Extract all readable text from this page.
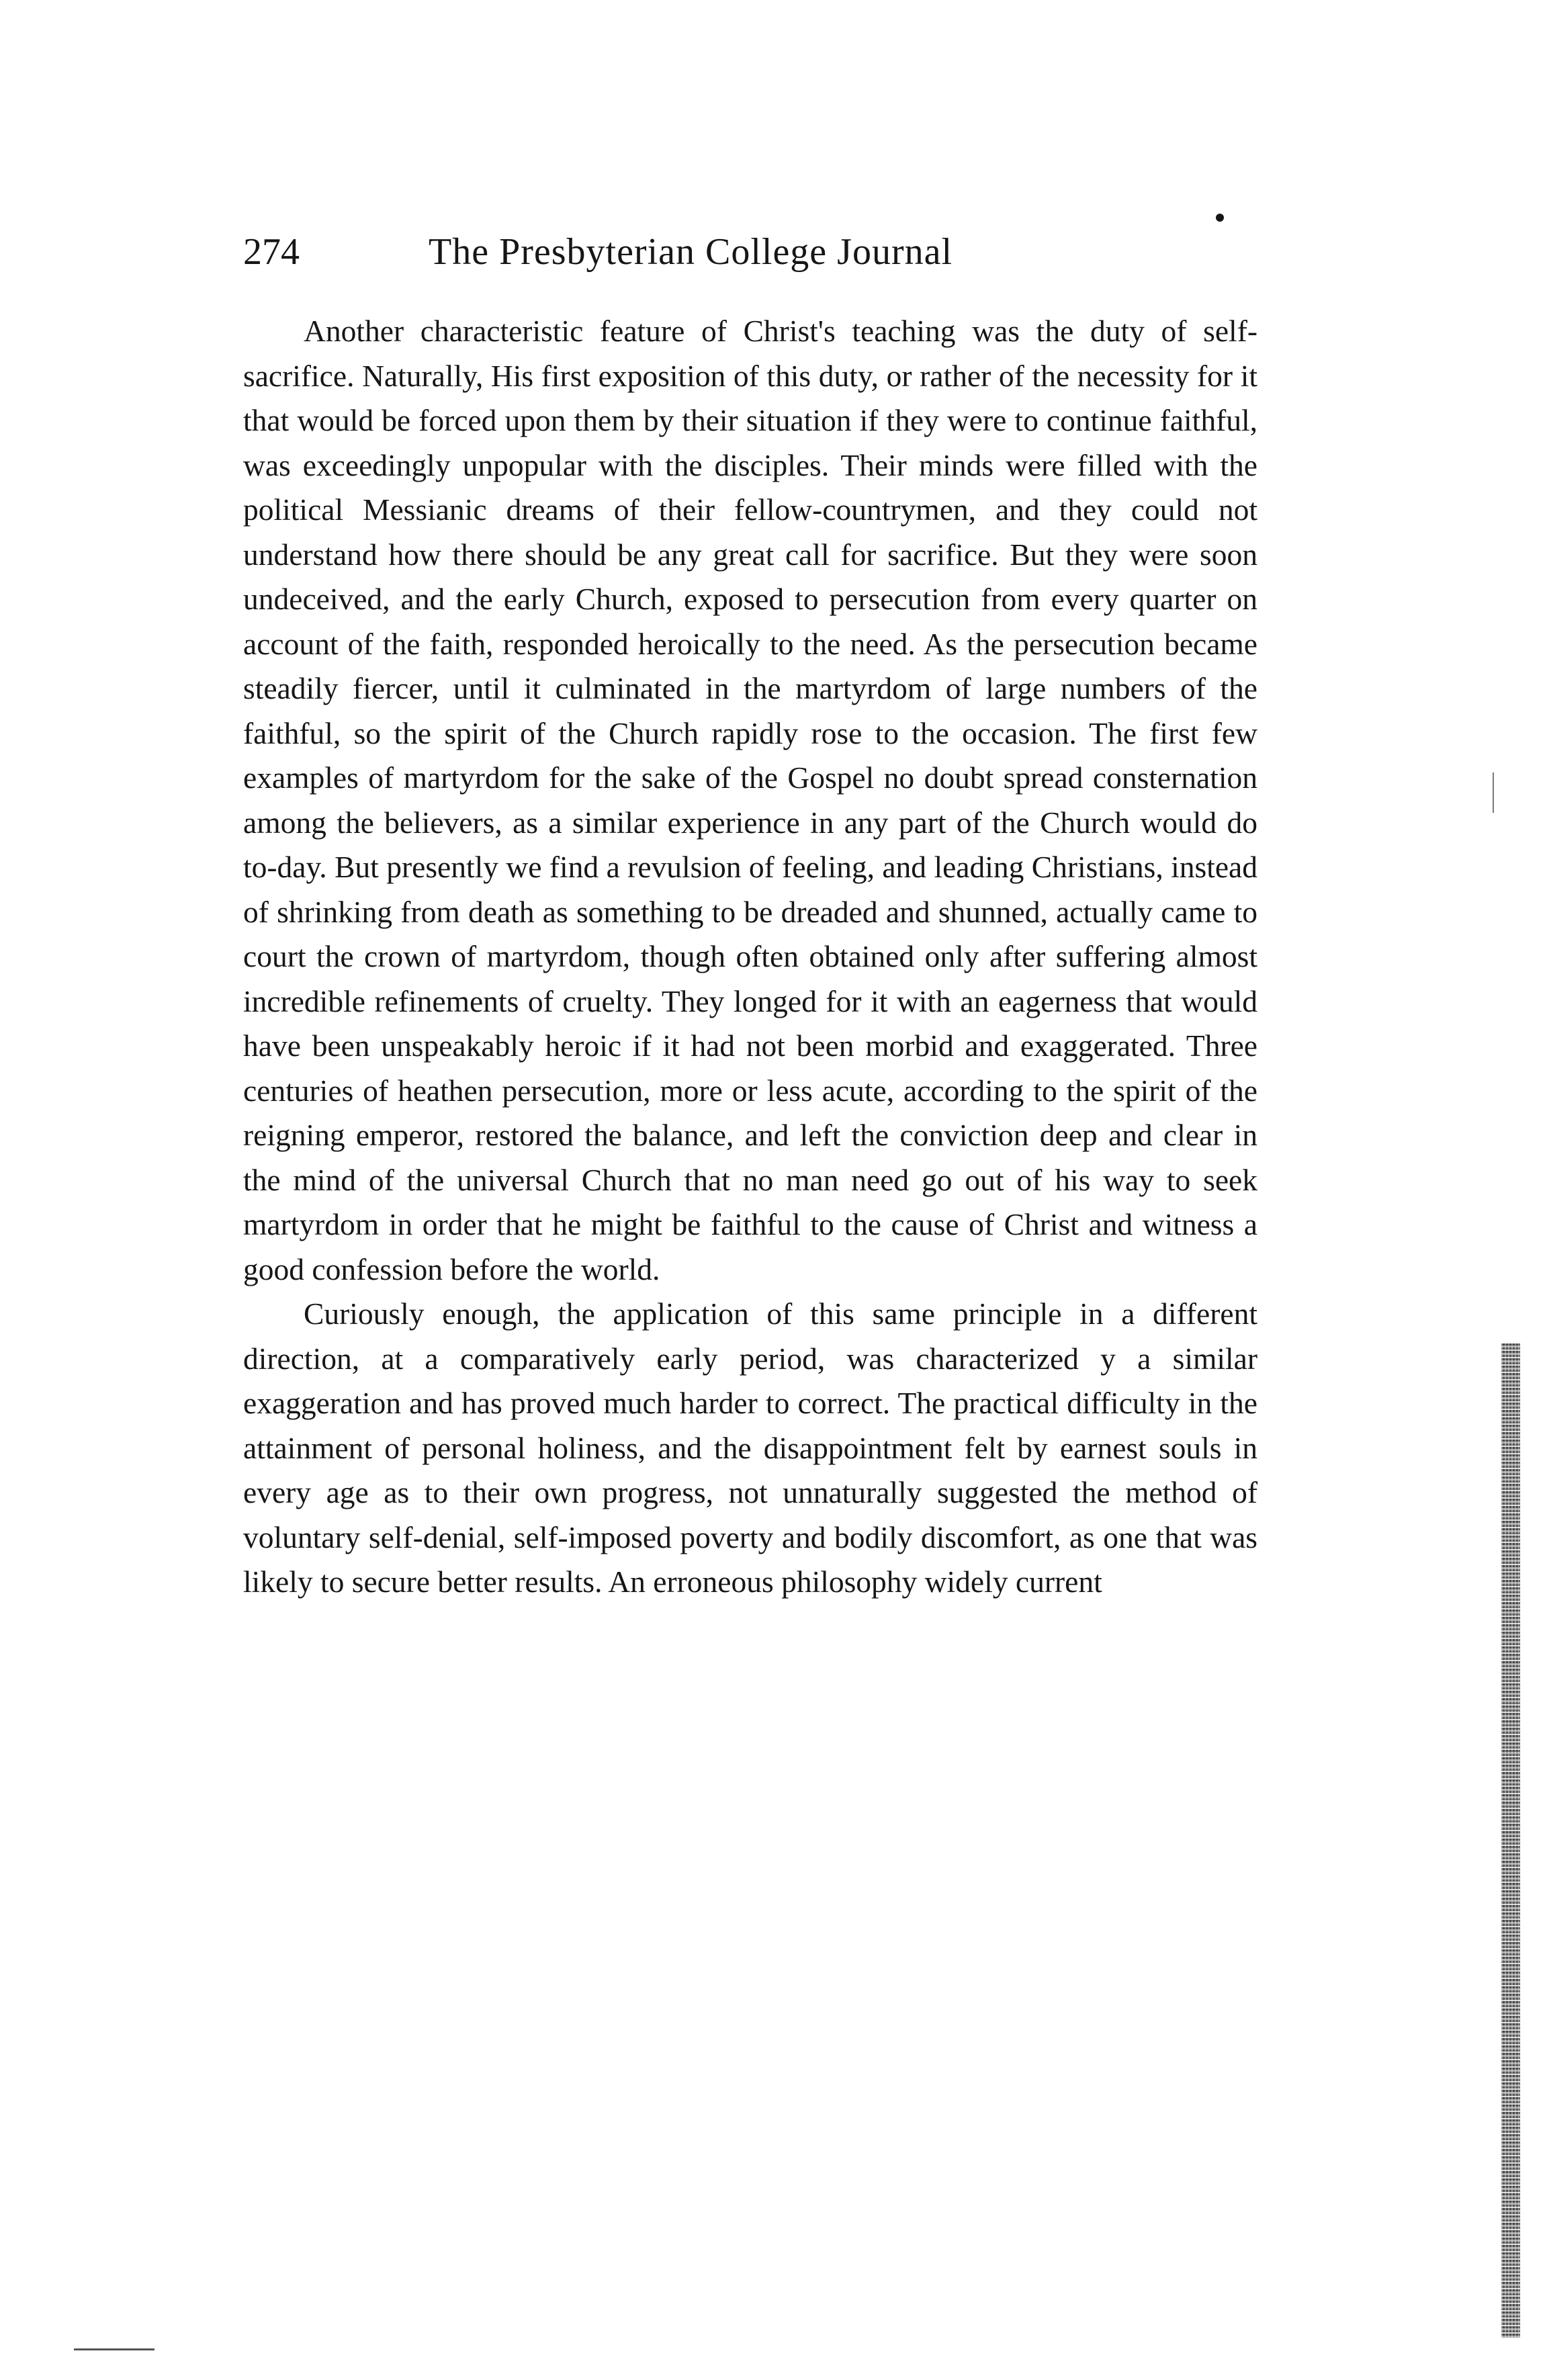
274	The Presbyterian College Journal

Another characteristic feature of Christ's teaching was the duty of self-sacrifice. Naturally, His first exposition of this duty, or rather of the necessity for it that would be forced upon them by their situation if they were to continue faithful, was exceedingly unpopular with the disciples. Their minds were filled with the political Messianic dreams of their fellow-countrymen, and they could not understand how there should be any great call for sacrifice. But they were soon undeceived, and the early Church, exposed to persecution from every quarter on account of the faith, responded heroically to the need. As the persecution became steadily fiercer, until it culminated in the martyrdom of large numbers of the faithful, so the spirit of the Church rapidly rose to the occasion. The first few examples of martyrdom for the sake of the Gospel no doubt spread consternation among the believers, as a similar experience in any part of the Church would do to-day. But presently we find a revulsion of feeling, and leading Christians, instead of shrinking from death as something to be dreaded and shunned, actually came to court the crown of martyrdom, though often obtained only after suffering almost incredible refinements of cruelty. They longed for it with an eagerness that would have been unspeakably heroic if it had not been morbid and exaggerated. Three centuries of heathen persecution, more or less acute, according to the spirit of the reigning emperor, restored the balance, and left the conviction deep and clear in the mind of the universal Church that no man need go out of his way to seek martyrdom in order that he might be faithful to the cause of Christ and witness a good confession before the world.

Curiously enough, the application of this same principle in a different direction, at a comparatively early period, was characterized y a similar exaggeration and has proved much harder to correct. The practical difficulty in the attainment of personal holiness, and the disappointment felt by earnest souls in every age as to their own progress, not unnaturally suggested the method of voluntary self-denial, self-imposed poverty and bodily discomfort, as one that was likely to secure better results. An erroneous philosophy widely current
